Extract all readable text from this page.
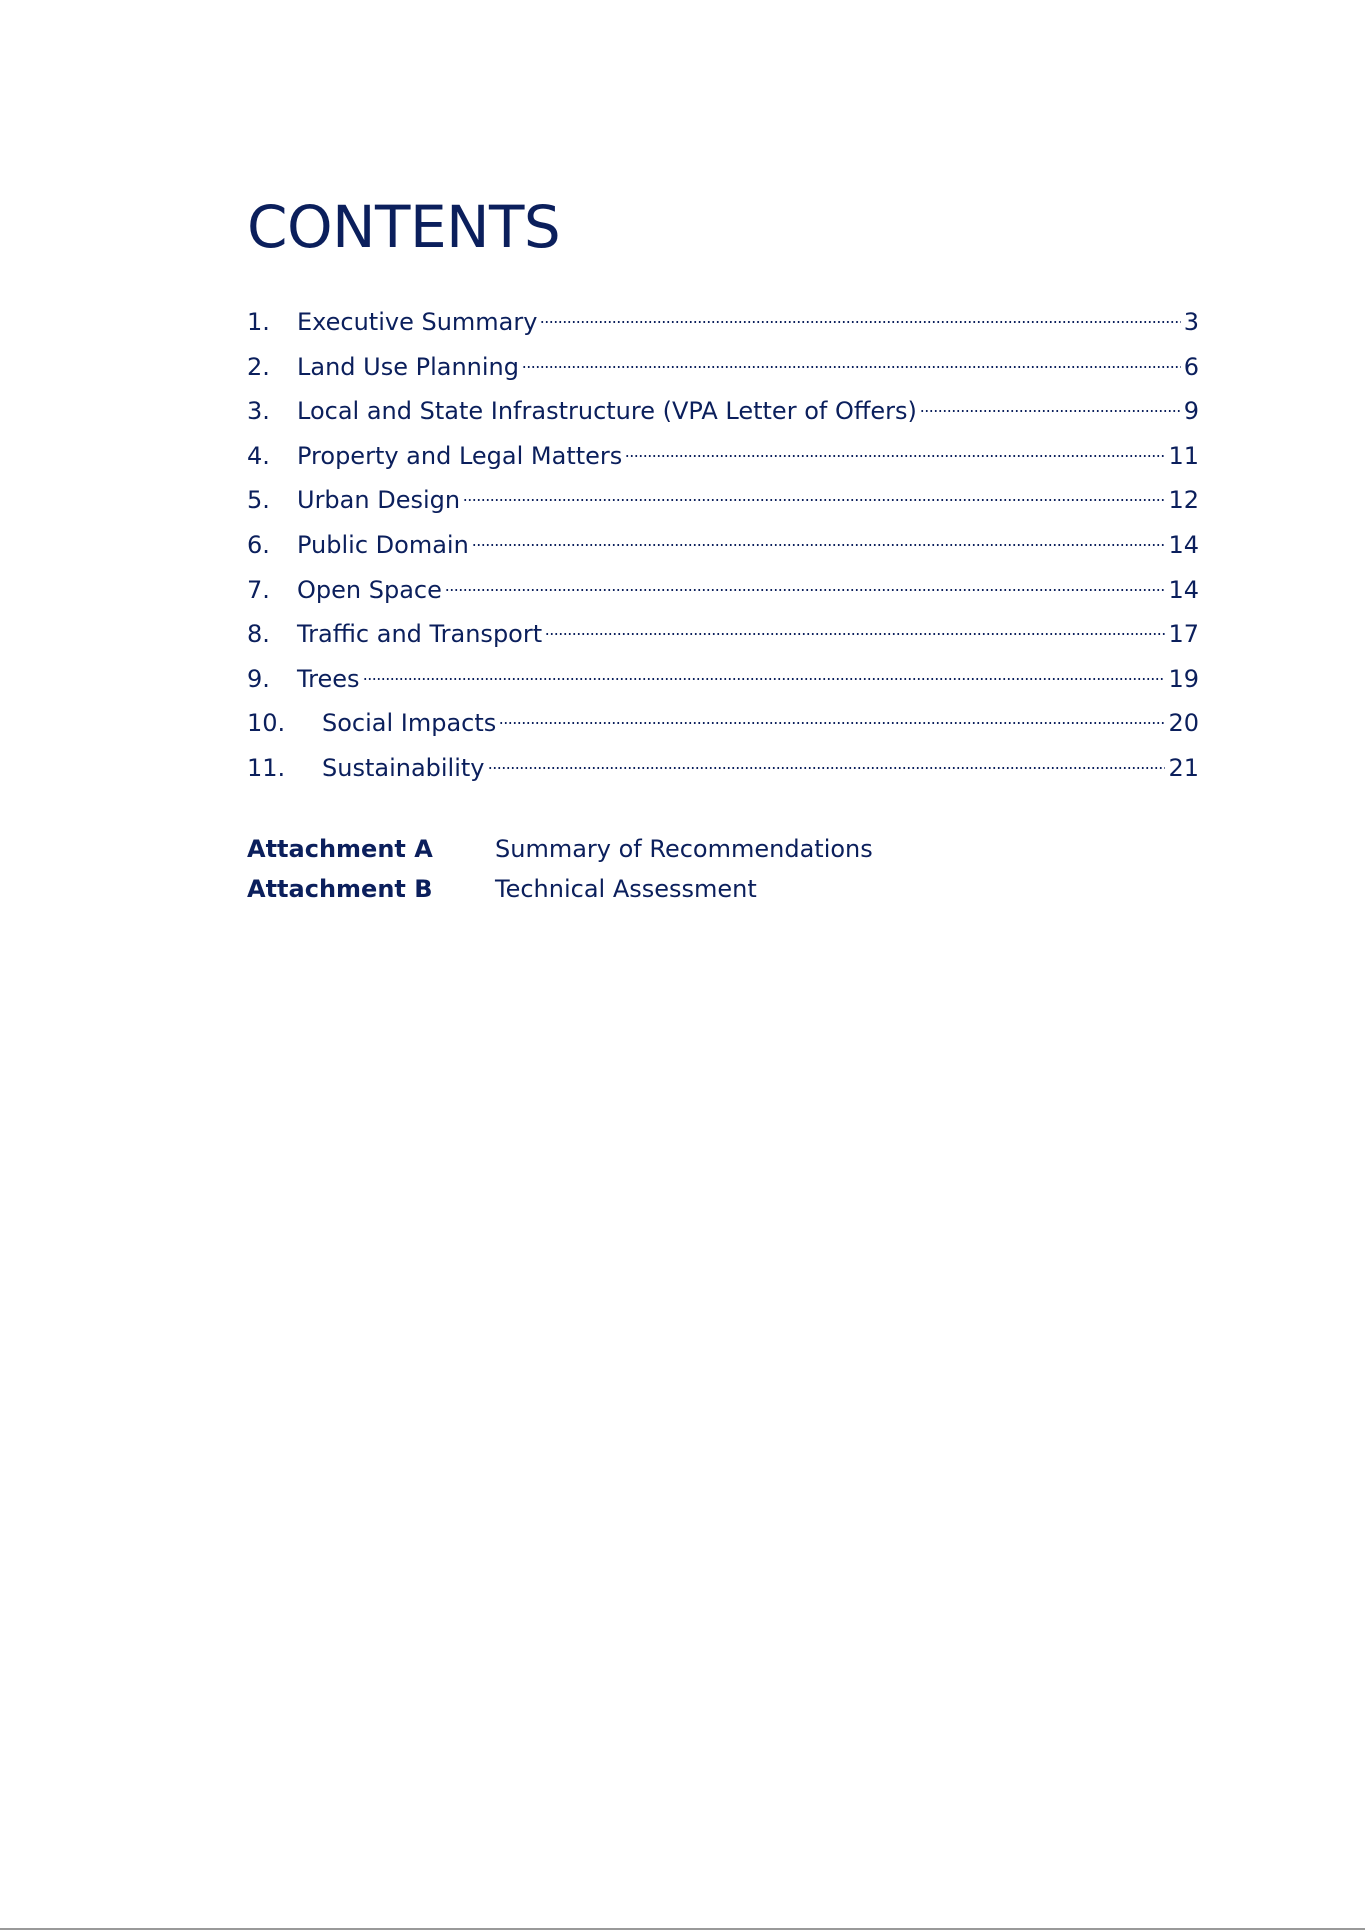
CONTENTS
1.	Executive Summary	3
2.	Land Use Planning	6
3.	Local and State Infrastructure (VPA Letter of Offers)	9
4.	Property and Legal Matters	11
5.	Urban Design	12
6.	Public Domain	14
7.	Open Space	14
8.	Traffic and Transport	17
9.	Trees	19
10.	Social Impacts	20
11.	Sustainability	21
Attachment A	Summary of Recommendations
Attachment B	Technical Assessment
